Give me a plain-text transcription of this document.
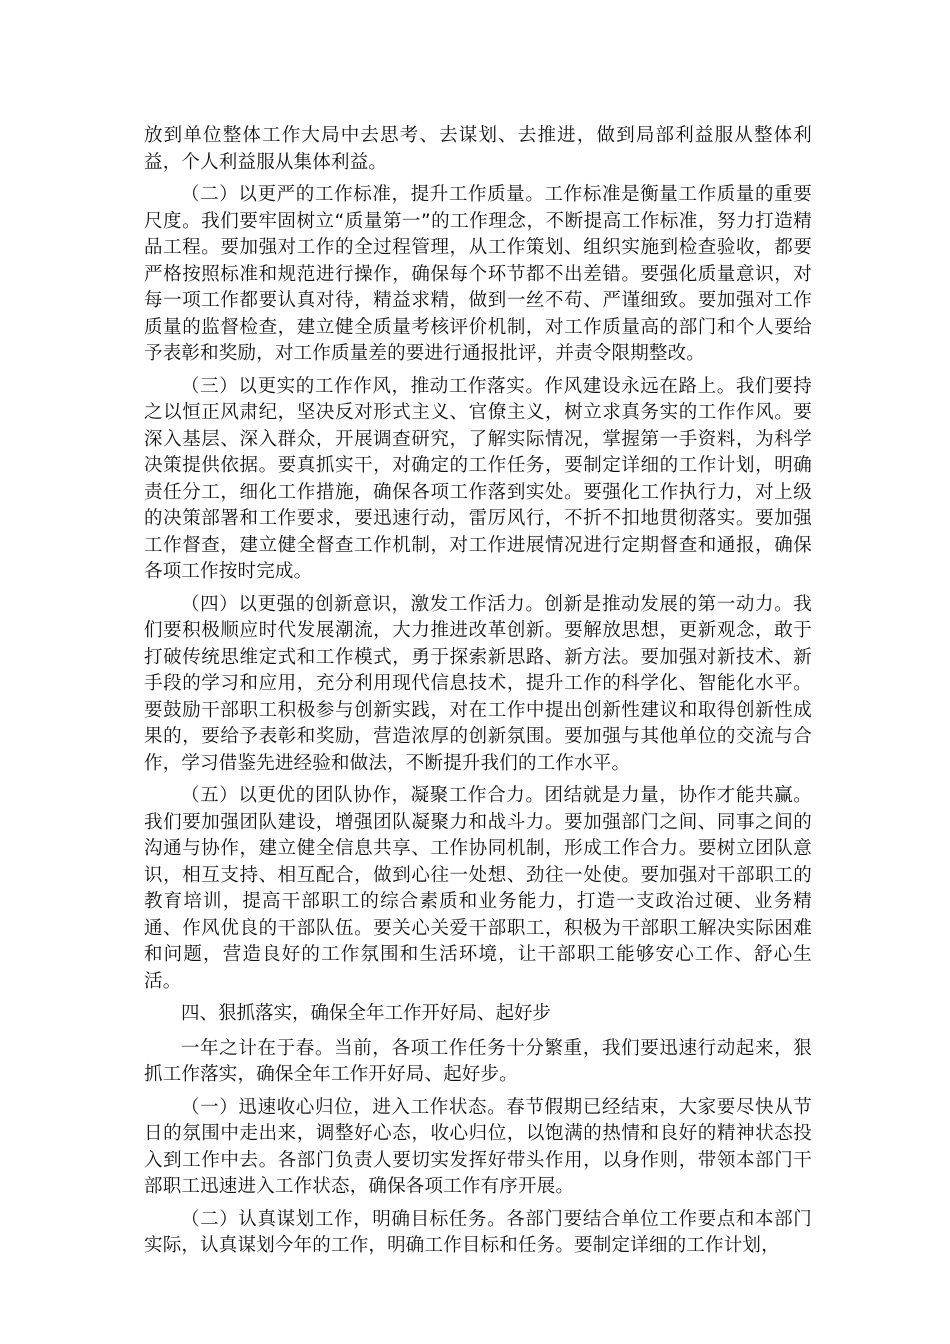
放到单位整体工作大局中去思考、去谋划、去推进，做到局部利益服从整体利益，个人利益服从集体利益。

（二）以更严的工作标准，提升工作质量。工作标准是衡量工作质量的重要尺度。我们要牢固树立“质量第一”的工作理念，不断提高工作标准，努力打造精品工程。要加强对工作的全过程管理，从工作策划、组织实施到检查验收，都要严格按照标准和规范进行操作，确保每个环节都不出差错。要强化质量意识，对每一项工作都要认真对待，精益求精，做到一丝不苟、严谨细致。要加强对工作质量的监督检查，建立健全质量考核评价机制，对工作质量高的部门和个人要给予表彰和奖励，对工作质量差的要进行通报批评，并责令限期整改。

（三）以更实的工作作风，推动工作落实。作风建设永远在路上。我们要持之以恒正风肃纪，坚决反对形式主义、官僚主义，树立求真务实的工作作风。要深入基层、深入群众，开展调查研究，了解实际情况，掌握第一手资料，为科学决策提供依据。要真抓实干，对确定的工作任务，要制定详细的工作计划，明确责任分工，细化工作措施，确保各项工作落到实处。要强化工作执行力，对上级的决策部署和工作要求，要迅速行动，雷厉风行，不折不扣地贯彻落实。要加强工作督查，建立健全督查工作机制，对工作进展情况进行定期督查和通报，确保各项工作按时完成。

（四）以更强的创新意识，激发工作活力。创新是推动发展的第一动力。我们要积极顺应时代发展潮流，大力推进改革创新。要解放思想，更新观念，敢于打破传统思维定式和工作模式，勇于探索新思路、新方法。要加强对新技术、新手段的学习和应用，充分利用现代信息技术，提升工作的科学化、智能化水平。要鼓励干部职工积极参与创新实践，对在工作中提出创新性建议和取得创新性成果的，要给予表彰和奖励，营造浓厚的创新氛围。要加强与其他单位的交流与合作，学习借鉴先进经验和做法，不断提升我们的工作水平。

（五）以更优的团队协作，凝聚工作合力。团结就是力量，协作才能共赢。我们要加强团队建设，增强团队凝聚力和战斗力。要加强部门之间、同事之间的沟通与协作，建立健全信息共享、工作协同机制，形成工作合力。要树立团队意识，相互支持、相互配合，做到心往一处想、劲往一处使。要加强对干部职工的教育培训，提高干部职工的综合素质和业务能力，打造一支政治过硬、业务精通、作风优良的干部队伍。要关心关爱干部职工，积极为干部职工解决实际困难和问题，营造良好的工作氛围和生活环境，让干部职工能够安心工作、舒心生活。

四、狠抓落实，确保全年工作开好局、起好步

一年之计在于春。当前，各项工作任务十分繁重，我们要迅速行动起来，狠抓工作落实，确保全年工作开好局、起好步。

（一）迅速收心归位，进入工作状态。春节假期已经结束，大家要尽快从节日的氛围中走出来，调整好心态，收心归位，以饱满的热情和良好的精神状态投入到工作中去。各部门负责人要切实发挥好带头作用，以身作则，带领本部门干部职工迅速进入工作状态，确保各项工作有序开展。

（二）认真谋划工作，明确目标任务。各部门要结合单位工作要点和本部门实际，认真谋划今年的工作，明确工作目标和任务。要制定详细的工作计划，
